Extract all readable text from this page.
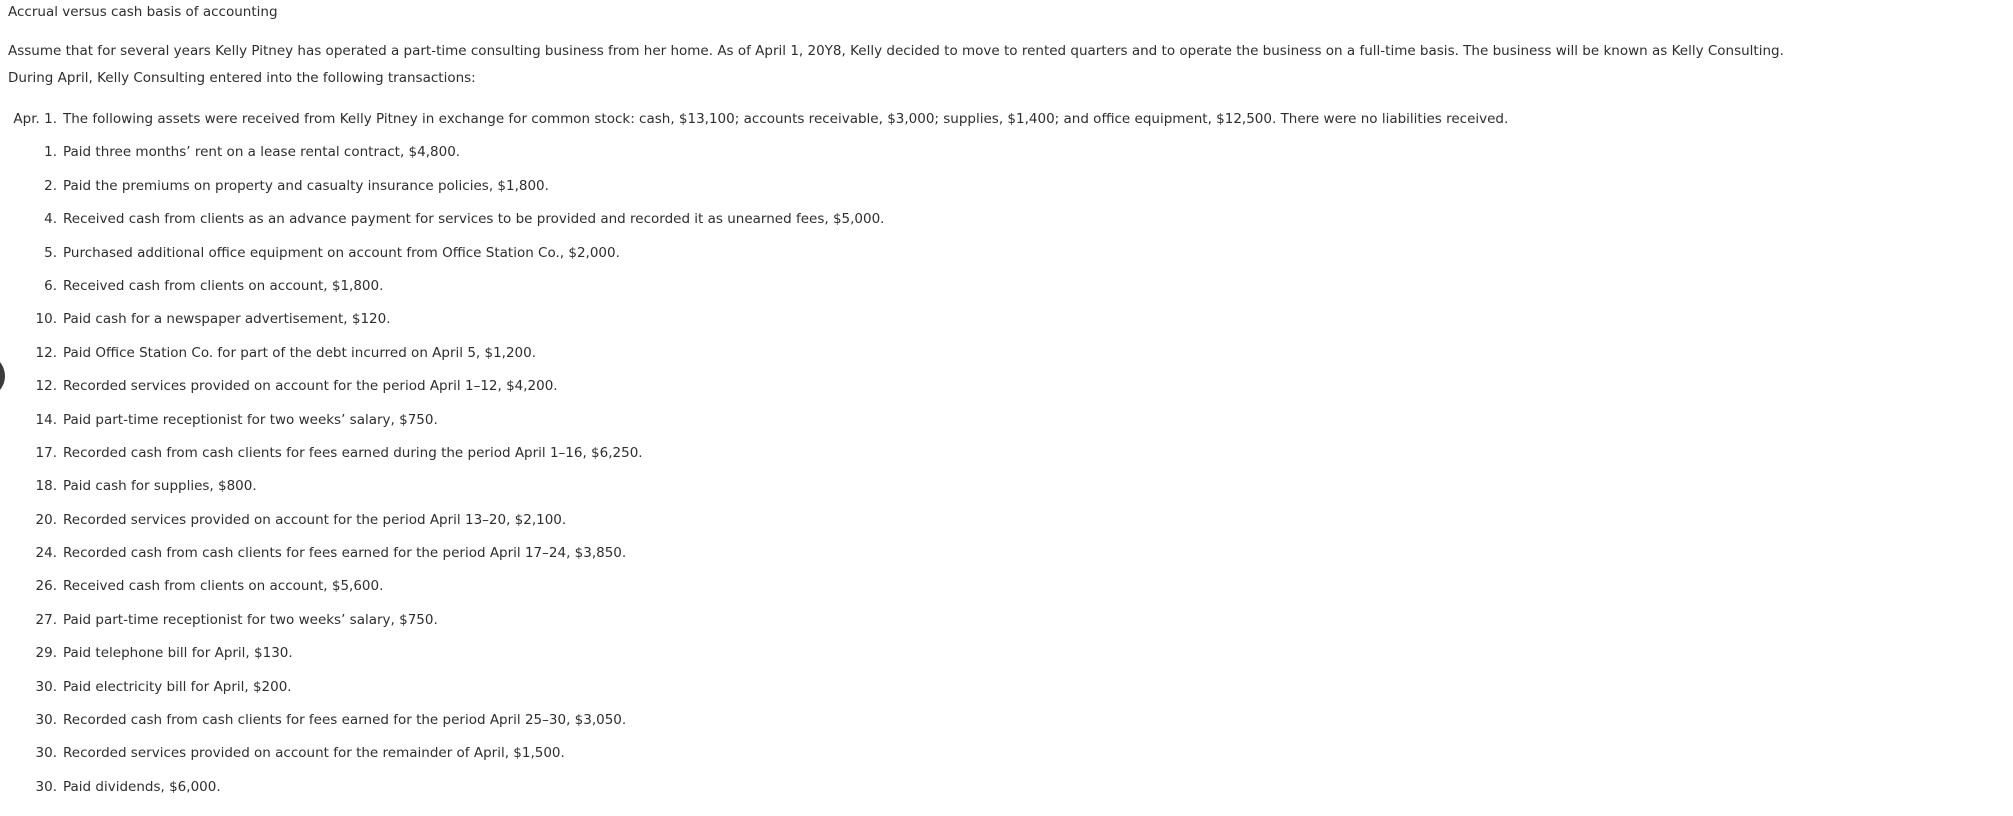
Accrual versus cash basis of accounting
Assume that for several years Kelly Pitney has operated a part-time consulting business from her home. As of April 1, 20Y8, Kelly decided to move to rented quarters and to operate the business on a full-time basis. The business will be known as Kelly Consulting.
During April, Kelly Consulting entered into the following transactions:
Apr. 1. The following assets were received from Kelly Pitney in exchange for common stock: cash, $13,100; accounts receivable, $3,000; supplies, $1,400; and office equipment, $12,500. There were no liabilities received.
1. Paid three months’ rent on a lease rental contract, $4,800.
2. Paid the premiums on property and casualty insurance policies, $1,800.
4. Received cash from clients as an advance payment for services to be provided and recorded it as unearned fees, $5,000.
5. Purchased additional office equipment on account from Office Station Co., $2,000.
6. Received cash from clients on account, $1,800.
10. Paid cash for a newspaper advertisement, $120.
12. Paid Office Station Co. for part of the debt incurred on April 5, $1,200.
12. Recorded services provided on account for the period April 1–12, $4,200.
14. Paid part-time receptionist for two weeks’ salary, $750.
17. Recorded cash from cash clients for fees earned during the period April 1–16, $6,250.
18. Paid cash for supplies, $800.
20. Recorded services provided on account for the period April 13–20, $2,100.
24. Recorded cash from cash clients for fees earned for the period April 17–24, $3,850.
26. Received cash from clients on account, $5,600.
27. Paid part-time receptionist for two weeks’ salary, $750.
29. Paid telephone bill for April, $130.
30. Paid electricity bill for April, $200.
30. Recorded cash from cash clients for fees earned for the period April 25–30, $3,050.
30. Recorded services provided on account for the remainder of April, $1,500.
30. Paid dividends, $6,000.
